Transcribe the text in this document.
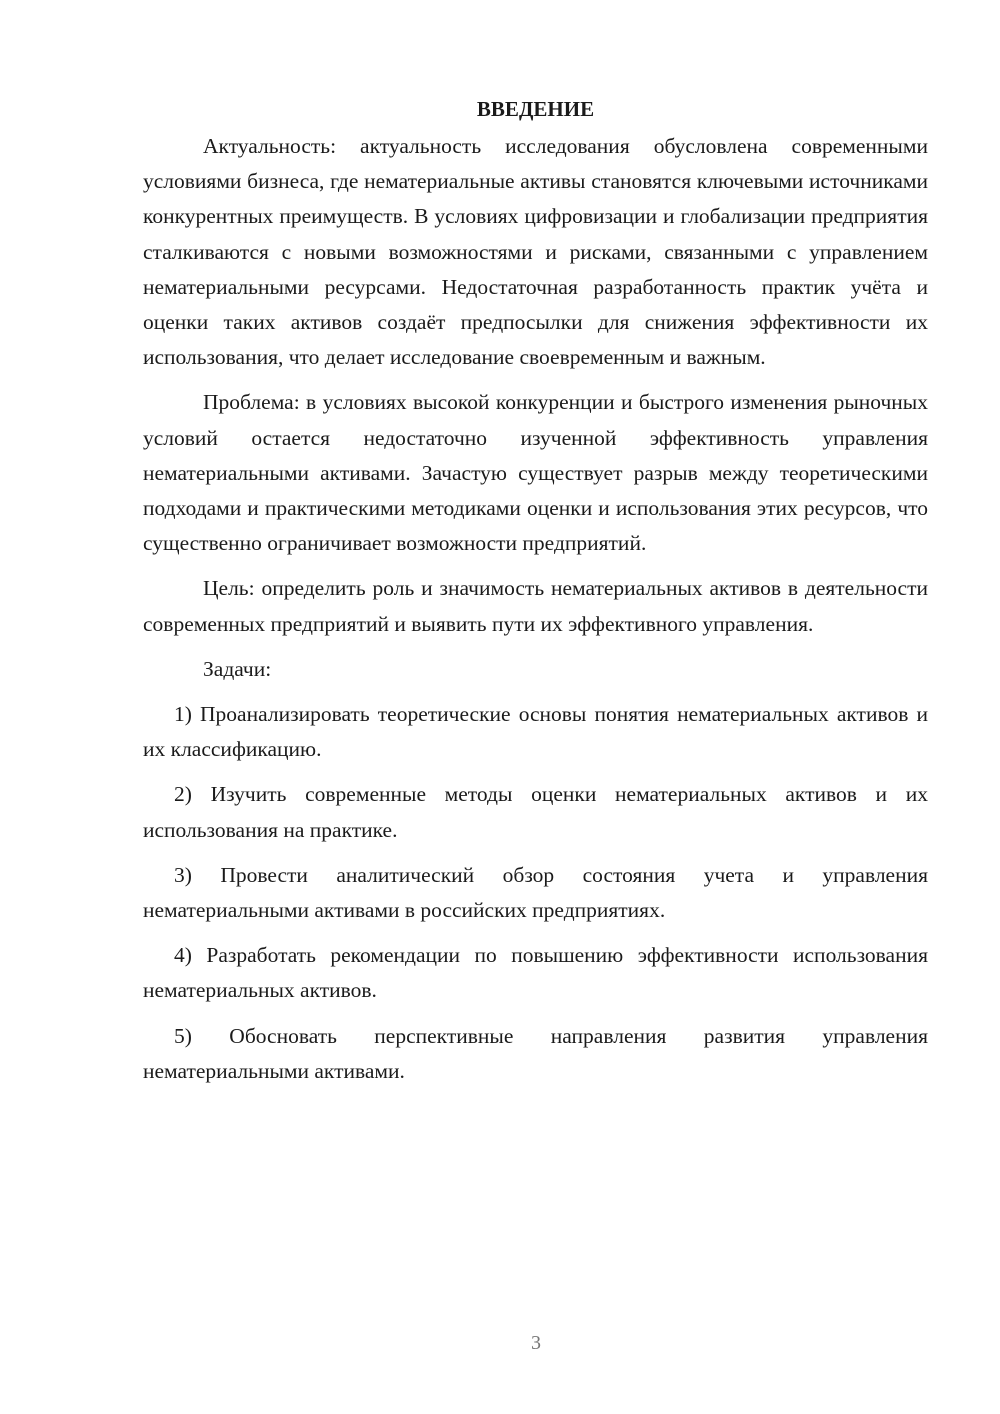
ВВЕДЕНИЕ

Актуальность: актуальность исследования обусловлена современными условиями бизнеса, где нематериальные активы становятся ключевыми источниками конкурентных преимуществ. В условиях цифровизации и глобализации предприятия сталкиваются с новыми возможностями и рисками, связанными с управлением нематериальными ресурсами. Недостаточная разработанность практик учёта и оценки таких активов создаёт предпосылки для снижения эффективности их использования, что делает исследование своевременным и важным.

Проблема: в условиях высокой конкуренции и быстрого изменения рыночных условий остается недостаточно изученной эффективность управления нематериальными активами. Зачастую существует разрыв между теоретическими подходами и практическими методиками оценки и использования этих ресурсов, что существенно ограничивает возможности предприятий.

Цель: определить роль и значимость нематериальных активов в деятельности современных предприятий и выявить пути их эффективного управления.

Задачи:

1) Проанализировать теоретические основы понятия нематериальных активов и их классификацию.

2) Изучить современные методы оценки нематериальных активов и их использования на практике.

3) Провести аналитический обзор состояния учета и управления нематериальными активами в российских предприятиях.

4) Разработать рекомендации по повышению эффективности использования нематериальных активов.

5) Обосновать перспективные направления развития управления нематериальными активами.

3
